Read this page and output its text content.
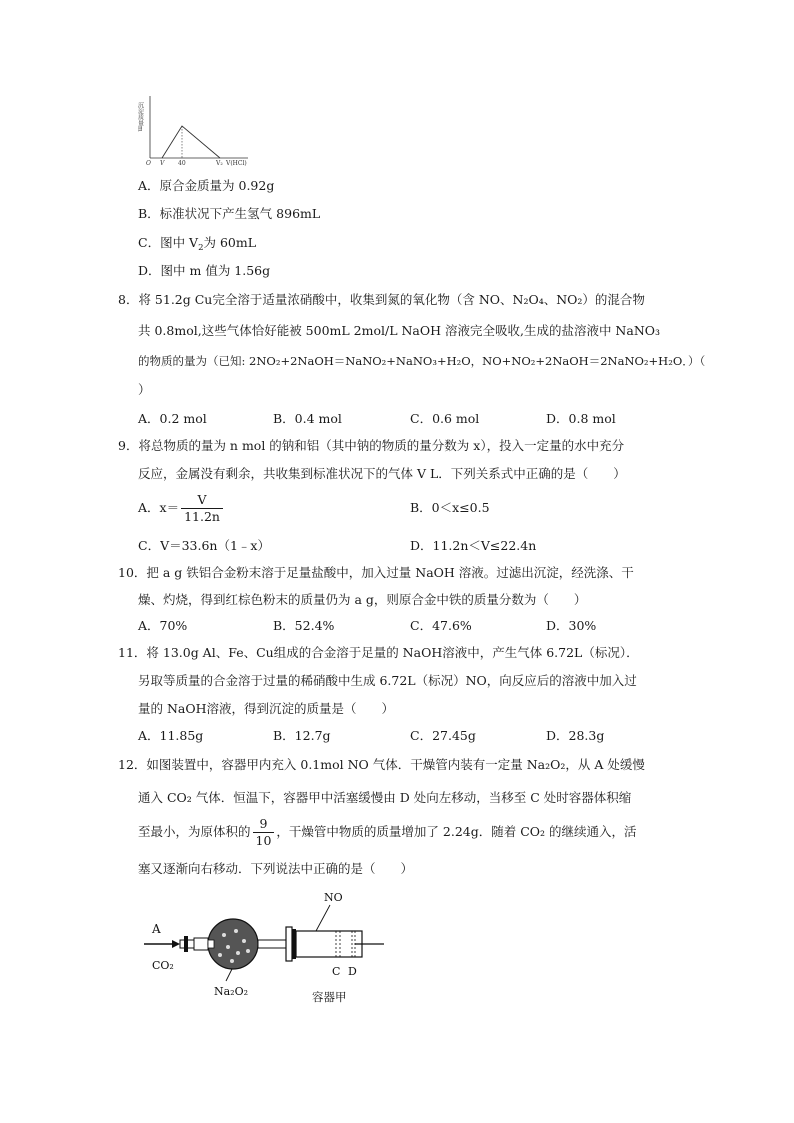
沉淀质量m
O V 40	V₂ V(HCl)
A．原合金质量为 0.92g
B．标准状况下产生氢气 896mL
C．图中 $V_2$为 60mL
D．图中 m 值为 1.56g
8．将 51.2g Cu完全溶于适量浓硝酸中，收集到氮的氧化物（含 NO、N₂O₄、NO₂）的混合物
共 0.8mol,这些气体恰好能被 500mL 2mol/L NaOH 溶液完全吸收,生成的盐溶液中 NaNO₃
的物质的量为（已知: 2NO₂+2NaOH＝NaNO₂+NaNO₃+H₂O，NO+NO₂+2NaOH＝2NaNO₂+H₂O．）（
）
A．0.2 mol	B．0.4 mol	C．0.6 mol	D．0.8 mol
9．将总物质的量为 n mol 的钠和铝（其中钠的物质的量分数为 x），投入一定量的水中充分
反应，金属没有剩余，共收集到标准状况下的气体 V L．下列关系式中正确的是（　　）
A．$x= \frac{V}{11.2n}$	B．0＜x≤0.5
C．V＝33.6n（1﹣x）	D．11.2n＜V≤22.4n
10．把 a g 铁铝合金粉末溶于足量盐酸中，加入过量 NaOH 溶液。过滤出沉淀，经洗涤、干
燥、灼烧，得到红棕色粉末的质量仍为 a g，则原合金中铁的质量分数为（　　）
A．70%	B．52.4%	C．47.6%	D．30%
11．将 13.0g Al、Fe、Cu组成的合金溶于足量的 NaOH溶液中，产生气体 6.72L（标况）．
另取等质量的合金溶于过量的稀硝酸中生成 6.72L（标况）NO，向反应后的溶液中加入过
量的 NaOH溶液，得到沉淀的质量是（　　）
A．11.85g	B．12.7g	C．27.45g	D．28.3g
12．如图装置中，容器甲内充入 0.1mol NO 气体．干燥管内装有一定量 Na₂O₂，从 A 处缓慢
通入 CO₂ 气体．恒温下，容器甲中活塞缓慢由 D 处向左移动，当移至 C 处时容器体积缩
至最小，为原体积的 $\frac{9}{10}$ ，干燥管中物质的质量增加了 2.24g．随着 CO₂ 的继续通入，活
塞又逐渐向右移动．下列说法中正确的是（　　）
A
CO₂
Na₂O₂
NO
C D
容器甲
